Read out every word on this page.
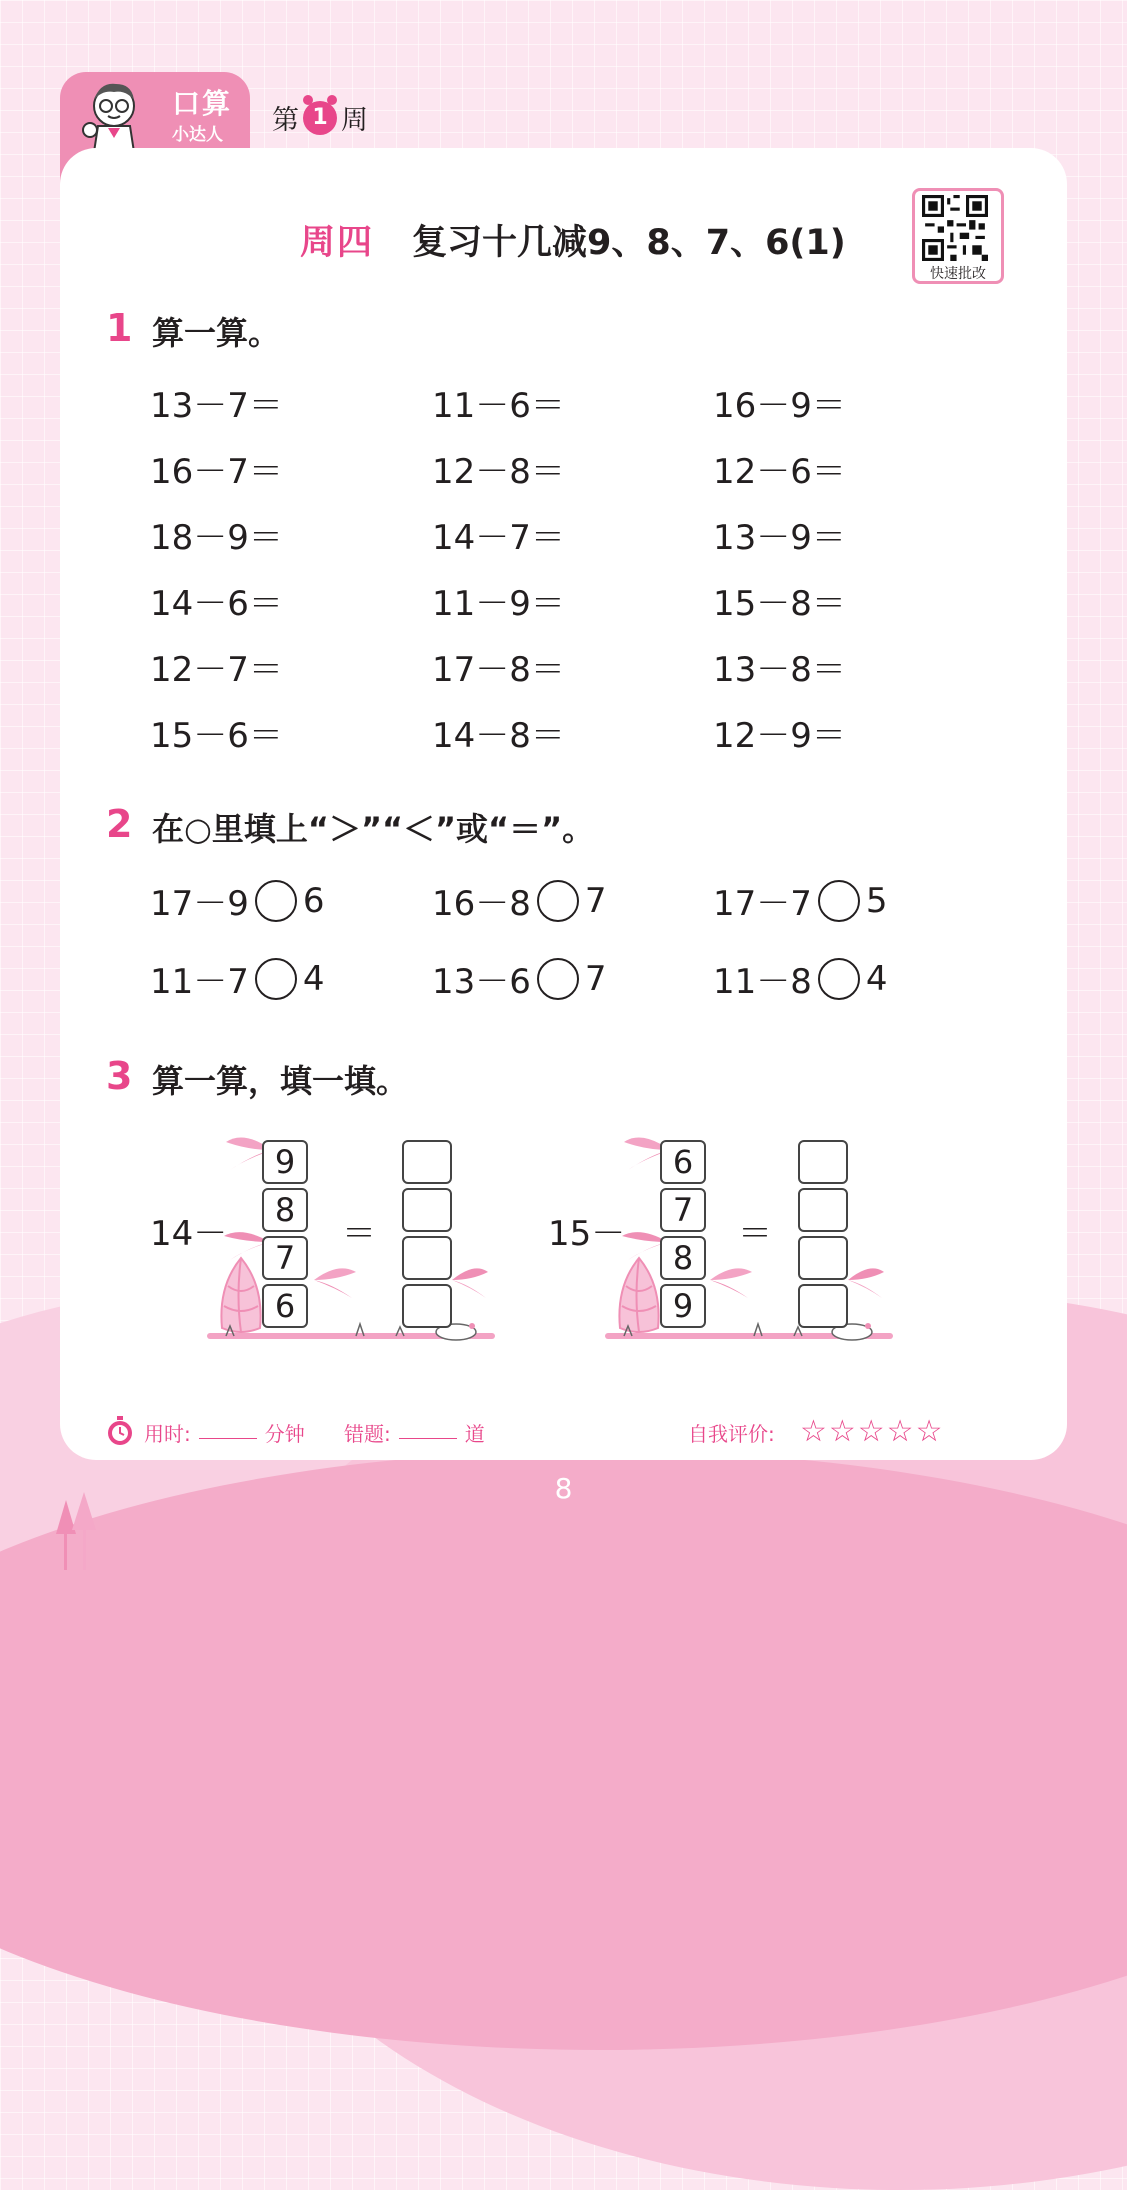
口算
小达人 第 1 周
周四 复习十几减9、8、7、6(1)
快速批改
1 算一算。
13－7＝	11－6＝	16－9＝
16－7＝	12－8＝	12－6＝
18－9＝	14－7＝	13－9＝
14－6＝	11－9＝	15－8＝
12－7＝	17－8＝	13－8＝
15－6＝	14－8＝	12－9＝
2 在○里填上“＞”“＜”或“＝”。
17－9 6	16－8 7	17－7 5
11－7 4	13－6 7	11－8 4
3 算一算，填一填。
14－
9
8
7
6
＝	15－
6
7
8
9
＝
用时:	分钟 错题:	道	自我评价: ☆☆☆☆☆
8
